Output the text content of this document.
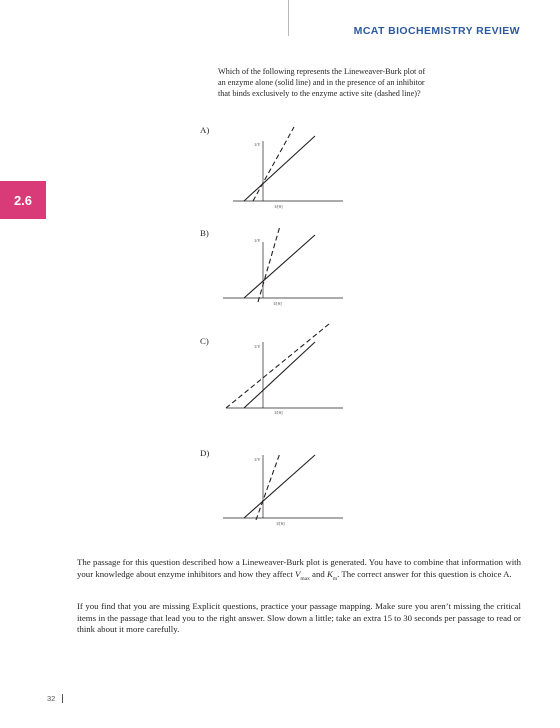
MCAT BIOCHEMISTRY REVIEW
2.6
Which of the following represents the Lineweaver-Burk plot of an enzyme alone (solid line) and in the presence of an inhibitor that binds exclusively to the enzyme active site (dashed line)?
A)
1/V
1/[S]
B)
1/V
1/[S]
C)
1/V
1/[S]
D)
1/V
1/[S]
The passage for this question described how a Lineweaver-Burk plot is generated. You have to combine that information with your knowledge about enzyme inhibitors and how they affect $V_{max}$ and $K_m$. The correct answer for this question is choice A.
If you find that you are missing Explicit questions, practice your passage mapping. Make sure you aren’t missing the critical items in the passage that lead you to the right answer. Slow down a little; take an extra 15 to 30 seconds per passage to read or think about it more carefully.
32
